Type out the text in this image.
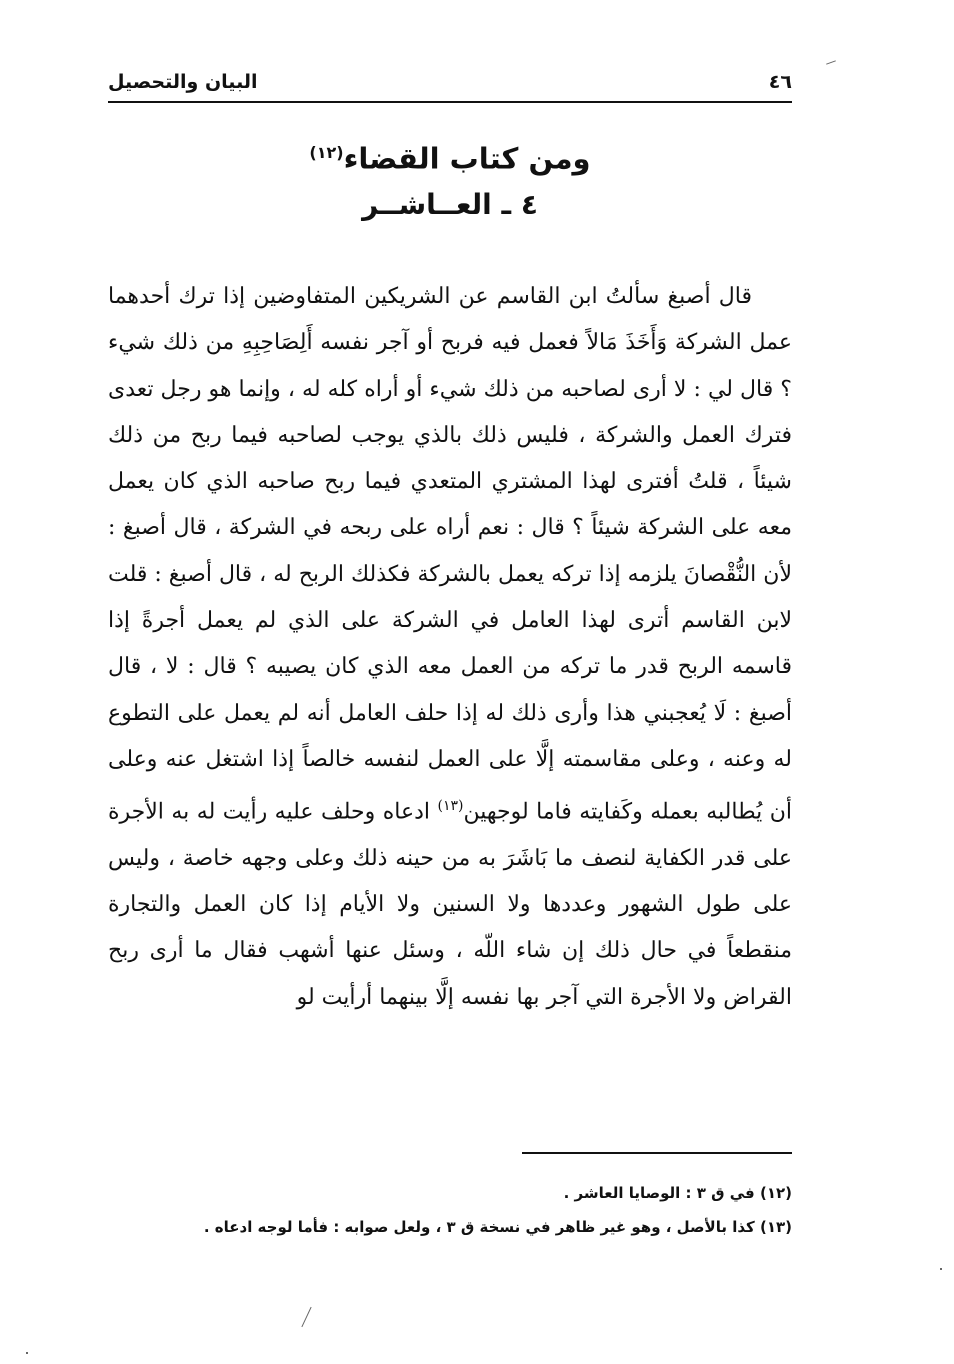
٤٦
البيان والتحصيل
ومن كتاب القضاء$^{(١٢)}$
٤ ـ العــاشــر
قال أصبغ سألتُ ابن القاسم عن الشريكين المتفاوضين إذا ترك أحدهما عمل الشركة وَأَخَذَ مَالاً فعمل فيه فربح أو آجر نفسه أَلِصَاحِبِهِ من ذلك شيء ؟ قال لي : لا أرى لصاحبه من ذلك شيء أو أراه كله له ، وإنما هو رجل تعدى فترك العمل والشركة ، فليس ذلك بالذي يوجب لصاحبه فيما ربح من ذلك شيئاً ، قلتُ أفترى لهذا المشتري المتعدي فيما ربح صاحبه الذي كان يعمل معه على الشركة شيئاً ؟ قال : نعم أراه على ربحه في الشركة ، قال أصبغ : لأن النُّقْصانَ يلزمه إذا تركه يعمل بالشركة فكذلك الربح له ، قال أصبغ : قلت لابن القاسم أترى لهذا العامل في الشركة على الذي لم يعمل أجرةً إذا قاسمه الربح قدر ما تركه من العمل معه الذي كان يصيبه ؟ قال : لا ، قال أصبغ : لَا يُعجبني هذا وأرى ذلك له إذا حلف العامل أنه لم يعمل على التطوع له وعنه ، وعلى مقاسمته إلَّا على العمل لنفسه خالصاً إذا اشتغل عنه وعلى أن يُطالبه بعمله وكَفايته فاما لوجهين$^{(١٣)}$ ادعاه وحلف عليه رأيت له به الأجرة على قدر الكفاية لنصف ما بَاشَرَ به من حينه ذلك وعلى وجهه خاصة ، وليس على طول الشهور وعددها ولا السنين ولا الأيام إذا كان العمل والتجارة منقطعاً في حال ذلك إن شاء اللّه ، وسئل عنها أشهب فقال ما أرى ربح القراض ولا الأجرة التي آجر بها نفسه إلَّا بينهما أرأيت لو
(١٢) في ق ٣ : الوصايا العاشر .
(١٣) كذا بالأصل ، وهو غير ظاهر في نسخة ق ٣ ، ولعل صوابه : فأما لوجه ادعاه .
